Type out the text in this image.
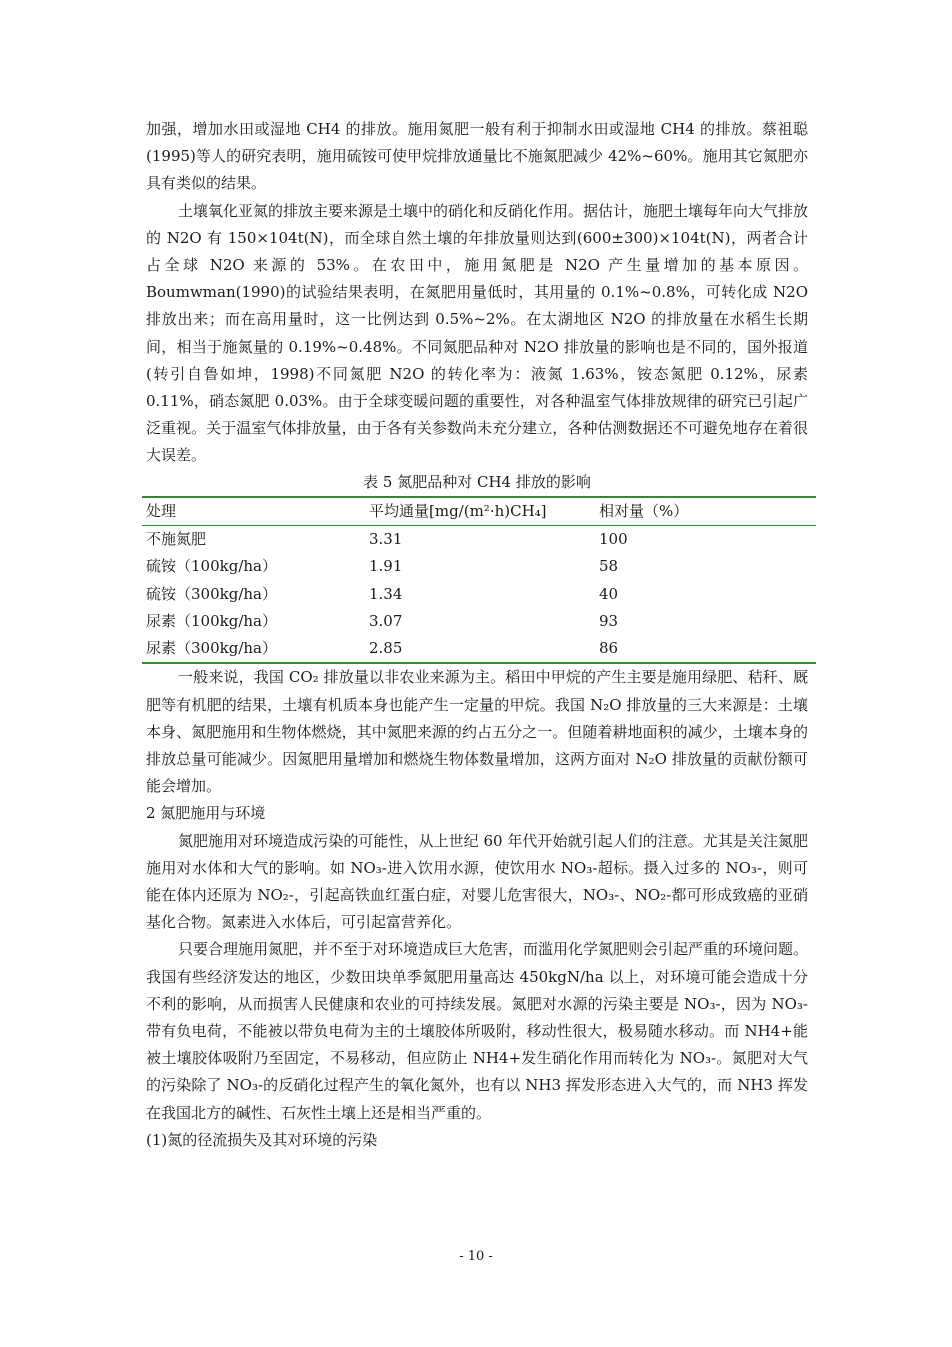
加强，增加水田或湿地 CH4 的排放。施用氮肥一般有利于抑制水田或湿地 CH4 的排放。蔡祖聪(1995)等人的研究表明，施用硫铵可使甲烷排放通量比不施氮肥减少 42%~60%。施用其它氮肥亦具有类似的结果。

土壤氧化亚氮的排放主要来源是土壤中的硝化和反硝化作用。据估计，施肥土壤每年向大气排放的 N2O 有 150×104t(N)，而全球自然土壤的年排放量则达到(600±300)×104t(N)，两者合计占全球 N2O 来源的 53%。在农田中，施用氮肥是 N2O 产生量增加的基本原因。Boumwman(1990)的试验结果表明，在氮肥用量低时，其用量的 0.1%~0.8%，可转化成 N2O 排放出来；而在高用量时，这一比例达到 0.5%~2%。在太湖地区 N2O 的排放量在水稻生长期间，相当于施氮量的 0.19%~0.48%。不同氮肥品种对 N2O 排放量的影响也是不同的，国外报道(转引自鲁如坤，1998)不同氮肥 N2O 的转化率为：液氮 1.63%，铵态氮肥 0.12%，尿素 0.11%，硝态氮肥 0.03%。由于全球变暖问题的重要性，对各种温室气体排放规律的研究已引起广泛重视。关于温室气体排放量，由于各有关参数尚未充分建立，各种估测数据还不可避免地存在着很大误差。

表 5 氮肥品种对 CH4 排放的影响
处理	平均通量[mg/(m²·h)CH₄]	相对量（%）
不施氮肥	3.31	100
硫铵（100kg/ha）	1.91	58
硫铵（300kg/ha）	1.34	40
尿素（100kg/ha）	3.07	93
尿素（300kg/ha）	2.85	86

一般来说，我国 CO₂ 排放量以非农业来源为主。稻田中甲烷的产生主要是施用绿肥、秸秆、厩肥等有机肥的结果，土壤有机质本身也能产生一定量的甲烷。我国 N₂O 排放量的三大来源是：土壤本身、氮肥施用和生物体燃烧，其中氮肥来源的约占五分之一。但随着耕地面积的减少，土壤本身的排放总量可能减少。因氮肥用量增加和燃烧生物体数量增加，这两方面对 N₂O 排放量的贡献份额可能会增加。

2 氮肥施用与环境

氮肥施用对环境造成污染的可能性，从上世纪 60 年代开始就引起人们的注意。尤其是关注氮肥施用对水体和大气的影响。如 NO₃-进入饮用水源，使饮用水 NO₃-超标。摄入过多的 NO₃-，则可能在体内还原为 NO₂-，引起高铁血红蛋白症，对婴儿危害很大，NO₃-、NO₂-都可形成致癌的亚硝基化合物。氮素进入水体后，可引起富营养化。

只要合理施用氮肥，并不至于对环境造成巨大危害，而滥用化学氮肥则会引起严重的环境问题。我国有些经济发达的地区，少数田块单季氮肥用量高达 450kgN/ha 以上，对环境可能会造成十分不利的影响，从而损害人民健康和农业的可持续发展。氮肥对水源的污染主要是 NO₃-，因为 NO₃-带有负电荷，不能被以带负电荷为主的土壤胶体所吸附，移动性很大，极易随水移动。而 NH4+能被土壤胶体吸附乃至固定，不易移动，但应防止 NH4+发生硝化作用而转化为 NO₃-。氮肥对大气的污染除了 NO₃-的反硝化过程产生的氧化氮外，也有以 NH3 挥发形态进入大气的，而 NH3 挥发在我国北方的碱性、石灰性土壤上还是相当严重的。

(1)氮的径流损失及其对环境的污染
- 10 -
